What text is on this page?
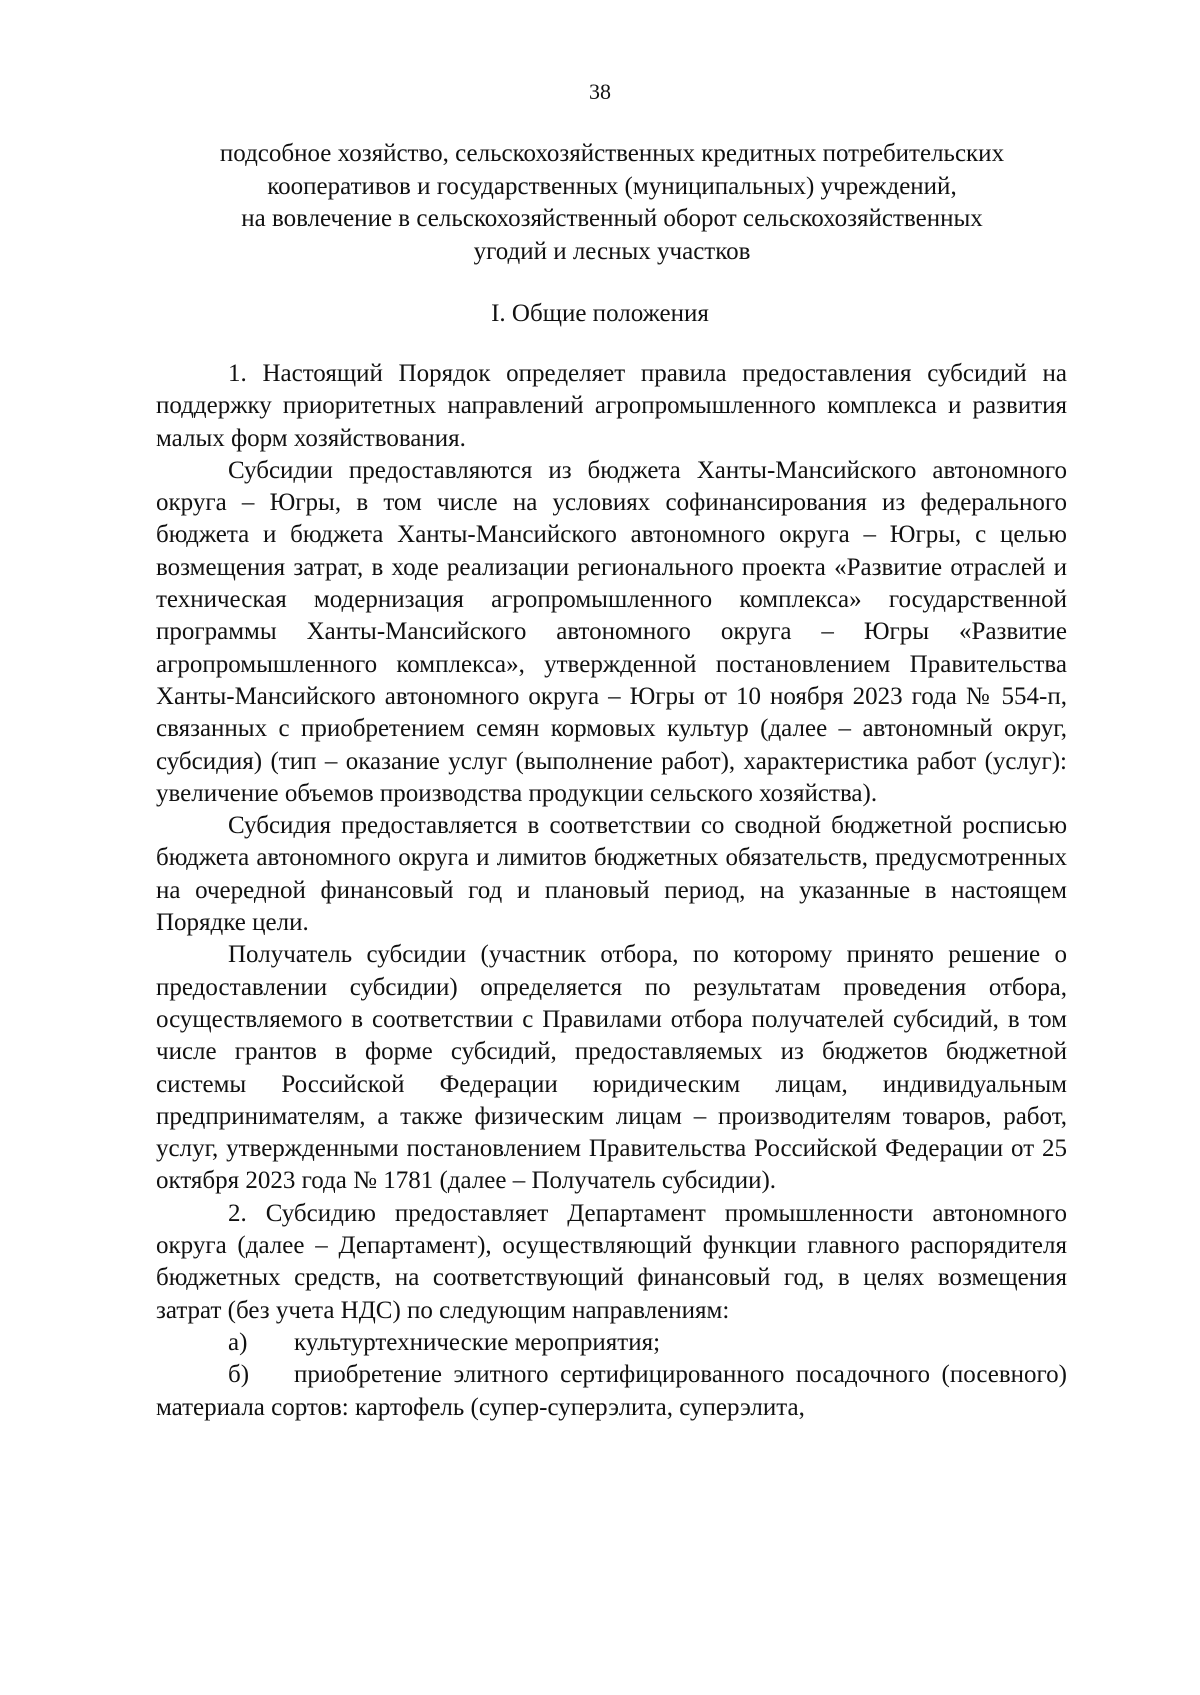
38
подсобное хозяйство, сельскохозяйственных кредитных потребительских
кооперативов и государственных (муниципальных) учреждений,
на вовлечение в сельскохозяйственный оборот сельскохозяйственных
угодий и лесных участков
I. Общие положения

1. Настоящий Порядок определяет правила предоставления субсидий на поддержку приоритетных направлений агропромышленного комплекса и развития малых форм хозяйствования.

Субсидии предоставляются из бюджета Ханты-Мансийского автономного округа – Югры, в том числе на условиях софинансирования из федерального бюджета и бюджета Ханты-Мансийского автономного округа – Югры, с целью возмещения затрат, в ходе реализации регионального проекта «Развитие отраслей и техническая модернизация агропромышленного комплекса» государственной программы Ханты-Мансийского автономного округа – Югры «Развитие агропромышленного комплекса», утвержденной постановлением Правительства Ханты-Мансийского автономного округа – Югры от 10 ноября 2023 года № 554-п, связанных с приобретением семян кормовых культур (далее – автономный округ, субсидия) (тип – оказание услуг (выполнение работ), характеристика работ (услуг): увеличение объемов производства продукции сельского хозяйства).

Субсидия предоставляется в соответствии со сводной бюджетной росписью бюджета автономного округа и лимитов бюджетных обязательств, предусмотренных на очередной финансовый год и плановый период, на указанные в настоящем Порядке цели.

Получатель субсидии (участник отбора, по которому принято решение о предоставлении субсидии) определяется по результатам проведения отбора, осуществляемого в соответствии с Правилами отбора получателей субсидий, в том числе грантов в форме субсидий, предоставляемых из бюджетов бюджетной системы Российской Федерации юридическим лицам, индивидуальным предпринимателям, а также физическим лицам – производителям товаров, работ, услуг, утвержденными постановлением Правительства Российской Федерации от 25 октября 2023 года № 1781 (далее – Получатель субсидии).

2. Субсидию предоставляет Департамент промышленности автономного округа (далее – Департамент), осуществляющий функции главного распорядителя бюджетных средств, на соответствующий финансовый год, в целях возмещения затрат (без учета НДС) по следующим направлениям:

а) культуртехнические мероприятия;

б) приобретение элитного сертифицированного посадочного (посевного) материала сортов: картофель (супер-суперэлита, суперэлита,
